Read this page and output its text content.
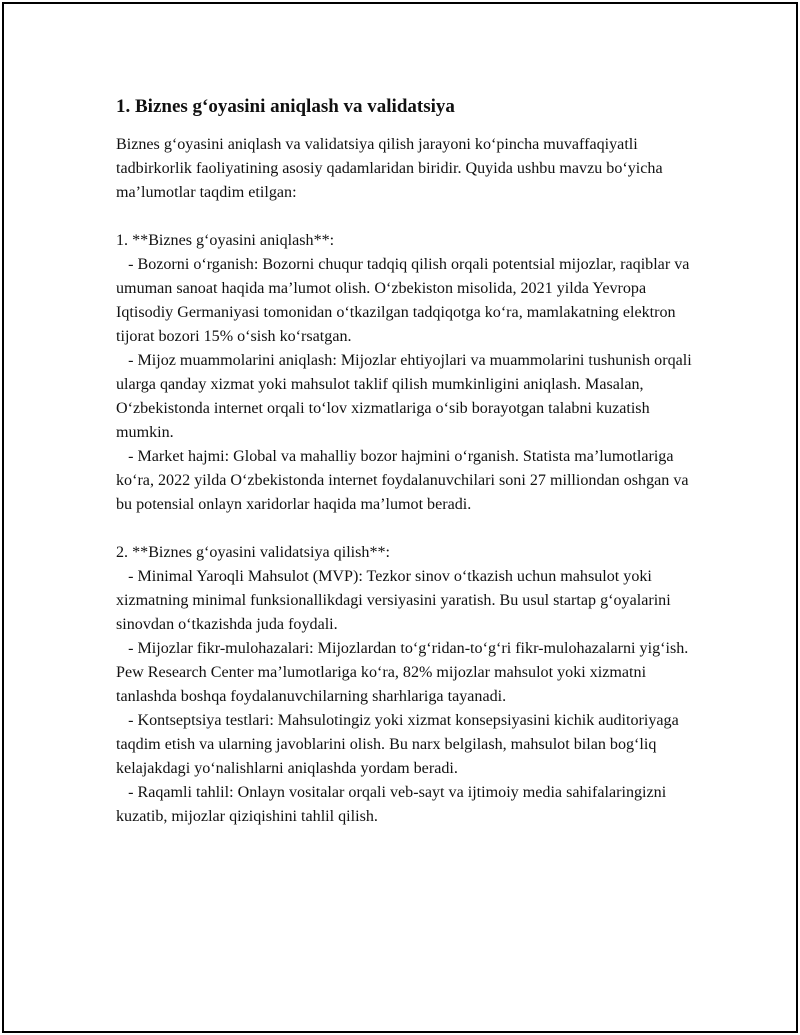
1. Biznes g‘oyasini aniqlash va validatsiya

Biznes g‘oyasini aniqlash va validatsiya qilish jarayoni ko‘pincha muvaffaqiyatli tadbirkorlik faoliyatining asosiy qadamlaridan biridir. Quyida ushbu mavzu bo‘yicha ma’lumotlar taqdim etilgan:

1. **Biznes g‘oyasini aniqlash**:

- Bozorni o‘rganish: Bozorni chuqur tadqiq qilish orqali potentsial mijozlar, raqiblar va umuman sanoat haqida ma’lumot olish. O‘zbekiston misolida, 2021 yilda Yevropa Iqtisodiy Germaniyasi tomonidan o‘tkazilgan tadqiqotga ko‘ra, mamlakatning elektron tijorat bozori 15% o‘sish ko‘rsatgan.

- Mijoz muammolarini aniqlash: Mijozlar ehtiyojlari va muammolarini tushunish orqali ularga qanday xizmat yoki mahsulot taklif qilish mumkinligini aniqlash. Masalan, O‘zbekistonda internet orqali to‘lov xizmatlariga o‘sib borayotgan talabni kuzatish mumkin.

- Market hajmi: Global va mahalliy bozor hajmini o‘rganish. Statista ma’lumotlariga ko‘ra, 2022 yilda O‘zbekistonda internet foydalanuvchilari soni 27 milliondan oshgan va bu potensial onlayn xaridorlar haqida ma’lumot beradi.

2. **Biznes g‘oyasini validatsiya qilish**:

- Minimal Yaroqli Mahsulot (MVP): Tezkor sinov o‘tkazish uchun mahsulot yoki xizmatning minimal funksionallikdagi versiyasini yaratish. Bu usul startap g‘oyalarini sinovdan o‘tkazishda juda foydali.

- Mijozlar fikr-mulohazalari: Mijozlardan to‘g‘ridan-to‘g‘ri fikr-mulohazalarni yig‘ish. Pew Research Center ma’lumotlariga ko‘ra, 82% mijozlar mahsulot yoki xizmatni tanlashda boshqa foydalanuvchilarning sharhlariga tayanadi.

- Kontseptsiya testlari: Mahsulotingiz yoki xizmat konsepsiyasini kichik auditoriyaga taqdim etish va ularning javoblarini olish. Bu narx belgilash, mahsulot bilan bog‘liq kelajakdagi yo‘nalishlarni aniqlashda yordam beradi.

- Raqamli tahlil: Onlayn vositalar orqali veb-sayt va ijtimoiy media sahifalaringizni kuzatib, mijozlar qiziqishini tahlil qilish.
